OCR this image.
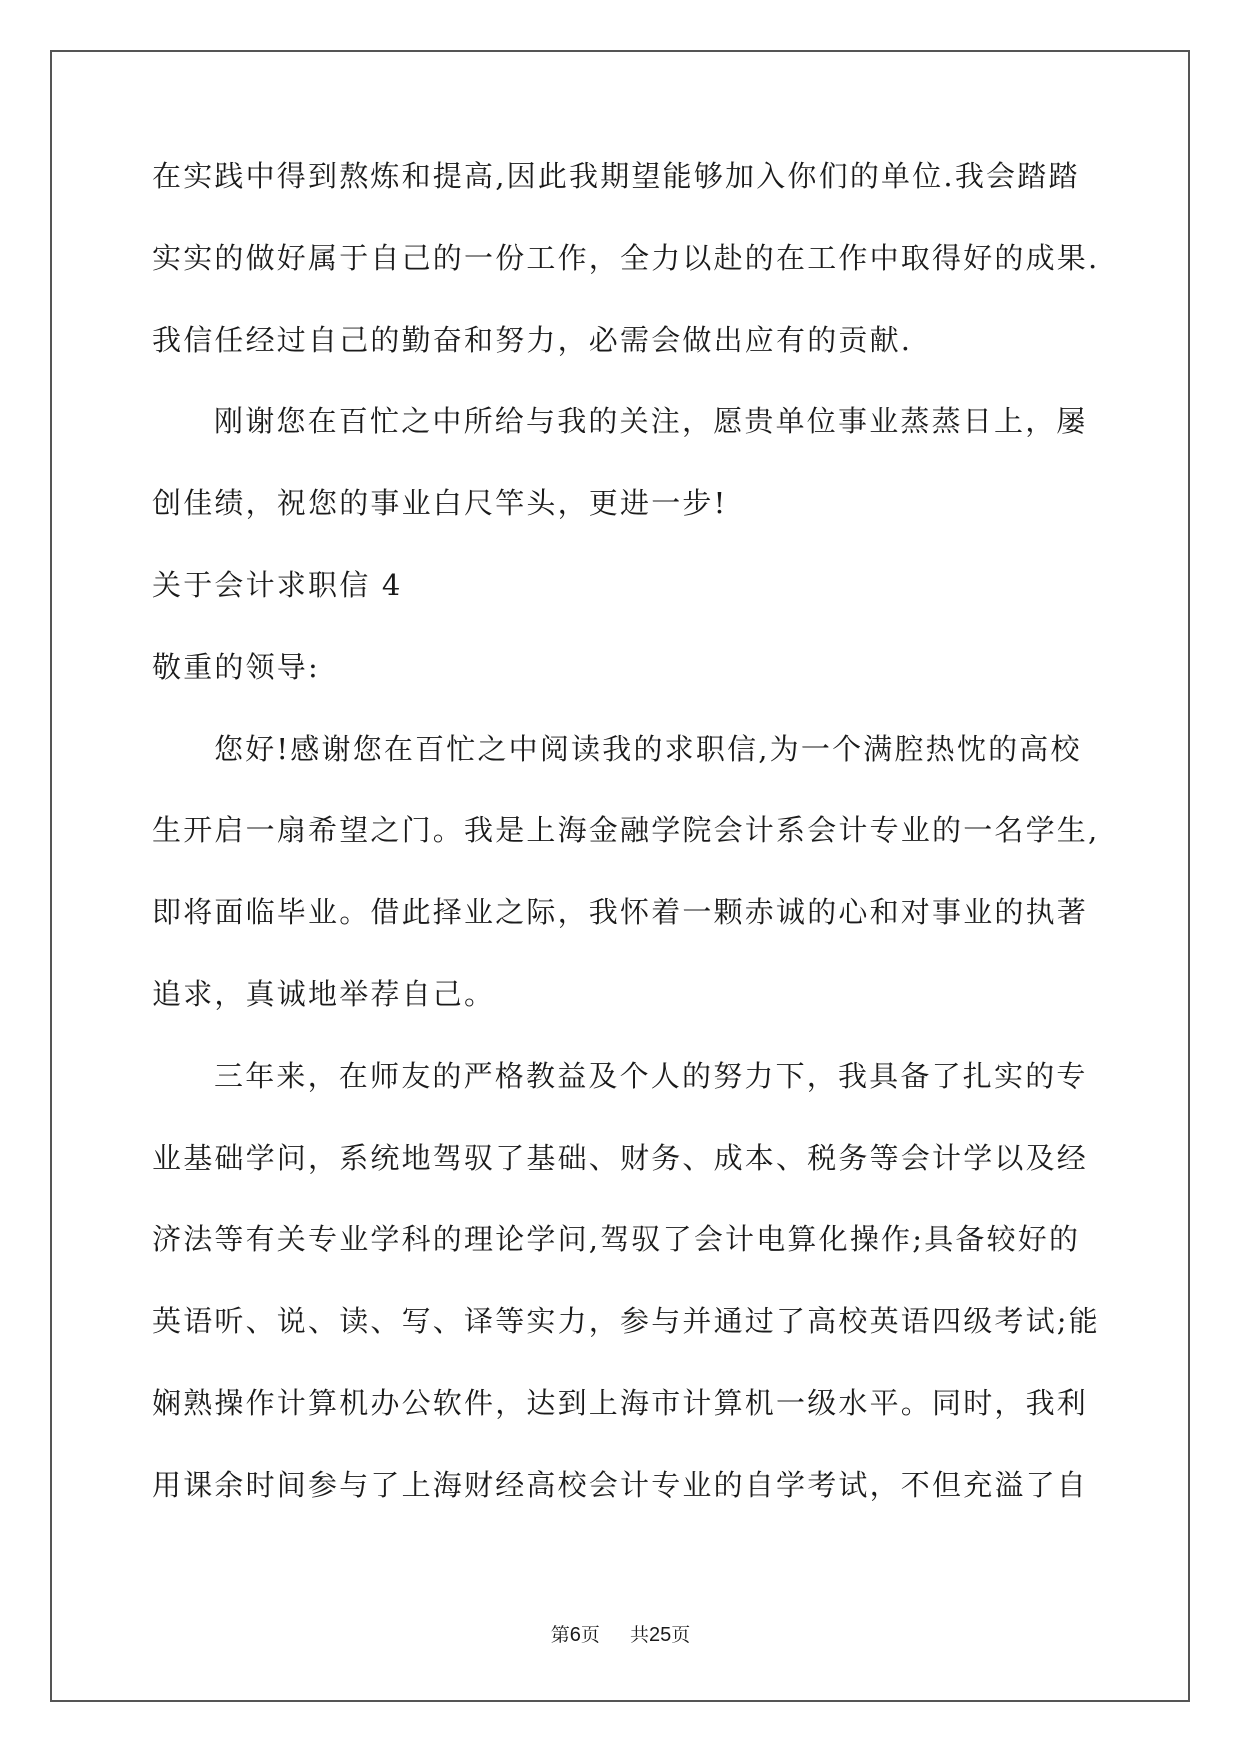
在实践中得到熬炼和提高,因此我期望能够加入你们的单位.我会踏踏
实实的做好属于自己的一份工作，全力以赴的在工作中取得好的成果.
我信任经过自己的勤奋和努力，必需会做出应有的贡献.
刚谢您在百忙之中所给与我的关注，愿贵单位事业蒸蒸日上，屡
创佳绩，祝您的事业白尺竿头，更进一步!
关于会计求职信 4
敬重的领导:
您好!感谢您在百忙之中阅读我的求职信,为一个满腔热忱的高校
生开启一扇希望之门。我是上海金融学院会计系会计专业的一名学生,
即将面临毕业。借此择业之际，我怀着一颗赤诚的心和对事业的执著
追求，真诚地举荐自己。
三年来，在师友的严格教益及个人的努力下，我具备了扎实的专
业基础学问，系统地驾驭了基础、财务、成本、税务等会计学以及经
济法等有关专业学科的理论学问,驾驭了会计电算化操作;具备较好的
英语听、说、读、写、译等实力，参与并通过了高校英语四级考试;能
娴熟操作计算机办公软件，达到上海市计算机一级水平。同时，我利
用课余时间参与了上海财经高校会计专业的自学考试，不但充溢了自
第6页 共25页
